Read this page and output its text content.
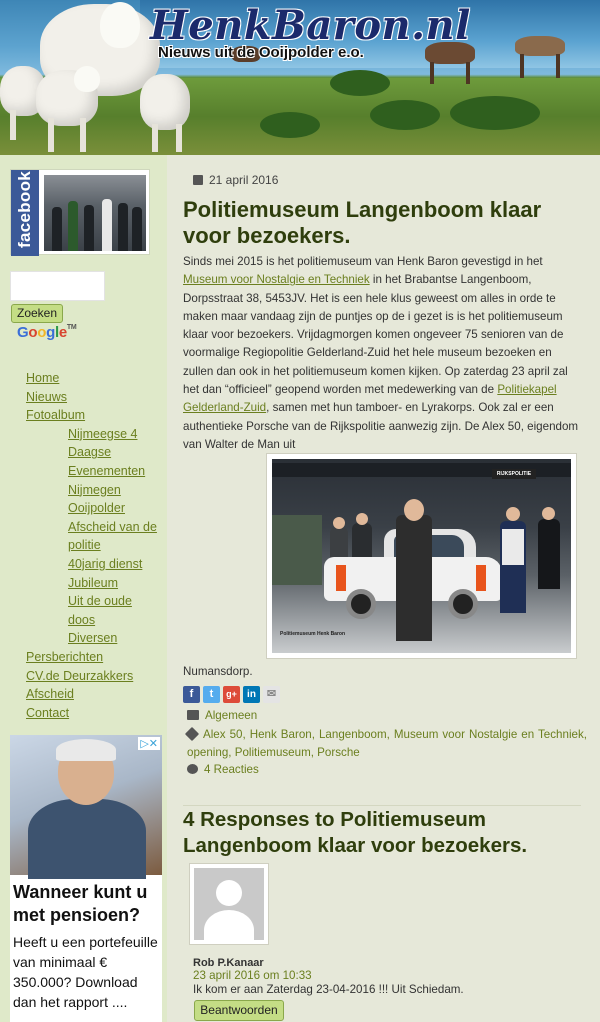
HenkBaron.nl
Nieuws uit de Ooijpolder e.o.
facebook
Zoeken
Google™
Home
Nieuws
Fotoalbum
Nijmeegse 4
Daagse
Evenementen
Nijmegen
Ooijpolder
Afscheid van de
politie
40jarig dienst
Jubileum
Uit de oude
doos
Diversen
Persberichten
CV.de Deurzakkers
Afscheid
Contact
▷✕
Wanneer kunt u met pensioen?
Heeft u een portefeuille van minimaal € 350.000? Download dan het rapport ....
21 april 2016
Politiemuseum Langenboom klaar voor bezoekers.
Sinds mei 2015 is het politiemuseum van Henk Baron gevestigd in het Museum voor Nostalgie en Techniek in het Brabantse Langenboom, Dorpsstraat 38, 5453JV. Het is een hele klus geweest om alles in orde te maken maar vandaag zijn de puntjes op de i gezet is is het politiemuseum klaar voor bezoekers. Vrijdagmorgen komen ongeveer 75 senioren van de voormalige Regiopolitie Gelderland-Zuid het hele museum bezoeken en zullen dan ook in het politiemuseum komen kijken. Op zaterdag 23 april zal het dan “officieel” geopend worden met medewerking van de Politiekapel Gelderland-Zuid, samen met hun tamboer- en Lyrakorps. Ook zal er een authentieke Porsche van de Rijkspolitie aanwezig zijn. De Alex 50, eigendom van Walter de Man uit
RIJKSPOLITIE
Politiemuseum Henk Baron
Numansdorp.
f t g+ in ✉
Algemeen
Alex 50, Henk Baron, Langenboom, Museum voor Nostalgie en Techniek, opening, Politiemuseum, Porsche
4 Reacties
4 Responses to Politiemuseum Langenboom klaar voor bezoekers.
Rob P.Kanaar
23 april 2016 om 10:33
Ik kom er aan Zaterdag 23-04-2016 !!! Uit Schiedam.
Beantwoorden
